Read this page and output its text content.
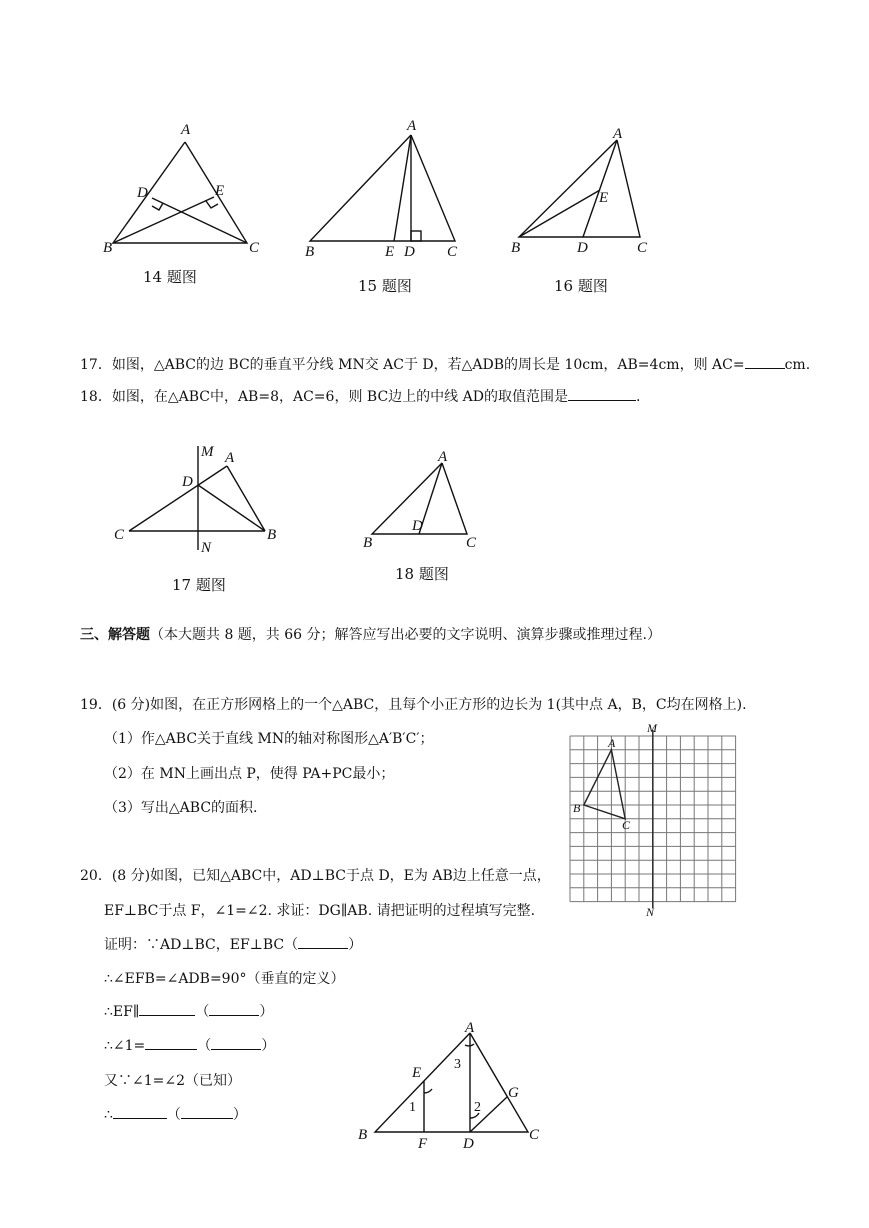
A
D	E
B	C
14 题图
A
B	E D C
15 题图
A
E
B	D	C
16 题图
17．如图，△ABC的边 BC的垂直平分线 MN交 AC于 D，若△ADB的周长是 10cm，AB=4cm，则 AC=	cm.
18．如图，在△ABC中，AB=8，AC=6，则 BC边上的中线 AD的取值范围是	.
M A
D
C	B
N
17 题图
A
D
B	C
18 题图
三、解答题（本大题共 8 题，共 66 分；解答应写出必要的文字说明、演算步骤或推理过程.）
19．(6 分)如图，在正方形网格上的一个△ABC，且每个小正方形的边长为 1(其中点 A，B，C均在网格上).
（1）作△ABC关于直线 MN的轴对称图形△A′B′C′；
（2）在 MN上画出点 P，使得 PA+PC最小；
（3）写出△ABC的面积.
A
B
C
M
N
20．(8 分)如图，已知△ABC中，AD⊥BC于点 D，E为 AB边上任意一点，
EF⊥BC于点 F，∠1=∠2. 求证：DG∥AB. 请把证明的过程填写完整.
证明：∵AD⊥BC，EF⊥BC（	）
∴∠EFB=∠ADB=90°（垂直的定义）
∴EF∥	（	）
∴∠1=	（	）
又∵∠1=∠2（已知）
∴	（	）
A
E
G
B
F D
C
1	2
3
